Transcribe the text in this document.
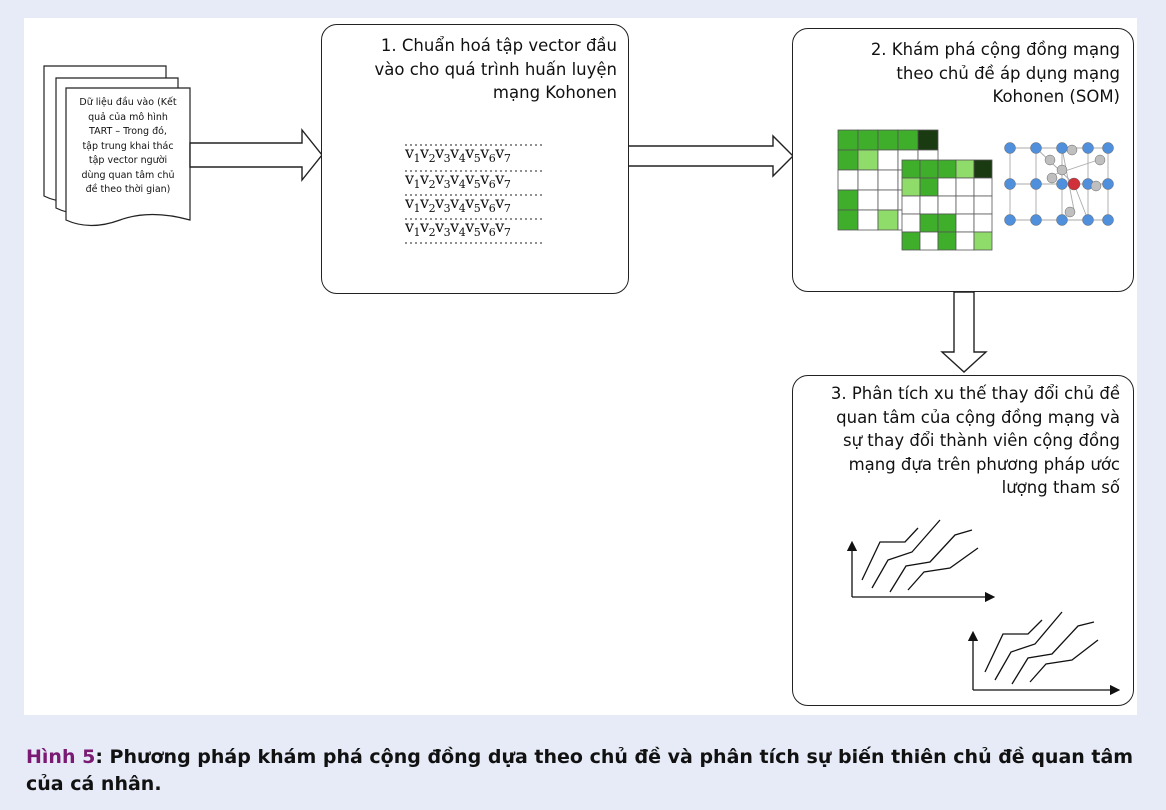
Dữ liệu đầu vào (Kết
quả của mô hình
TART – Trong đó,
tập trung khai thác
tập vector người
dùng quan tâm chủ
đề theo thời gian)
1. Chuẩn hoá tập vector đầu
vào cho quá trình huấn luyện
mạng Kohonen
$v_1v_2v_3v_4v_5v_6v_7$
$v_1v_2v_3v_4v_5v_6v_7$
$v_1v_2v_3v_4v_5v_6v_7$
$v_1v_2v_3v_4v_5v_6v_7$
2. Khám phá cộng đồng mạng
theo chủ đề áp dụng mạng
Kohonen (SOM)
3. Phân tích xu thế thay đổi chủ đề
quan tâm của cộng đồng mạng và
sự thay đổi thành viên cộng đồng
mạng đựa trên phương pháp ước
lượng tham số
Hình 5: Phương pháp khám phá cộng đồng dựa theo chủ đề và phân tích sự biến thiên chủ đề quan tâm của cá nhân.
